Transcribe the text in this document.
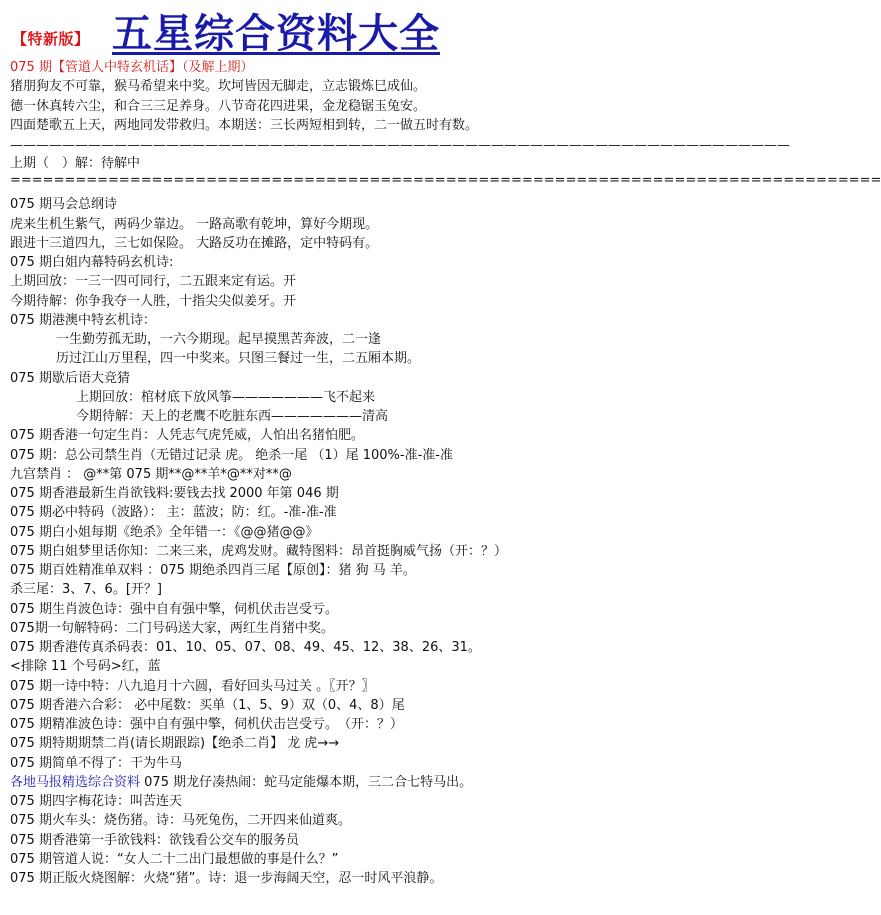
【特新版】 五星综合资料大全
075 期【管道人中特玄机话】（及解上期）
猪朋狗友不可靠，猴马希望来中奖。坎坷皆因无脚走，立志锻炼巳成仙。
德一休真转六尘，和合三三足养身。八节奇花四进果，金龙稳锯玉兔安。
四面楚歌五上天，两地同发带救归。本期送：三长两短相到转，二一做五时有数。
————————————————————————————————————————————————————————————
上期（　）解：待解中
================================================================================
075 期马会总纲诗
虎来生机生紫气，两码少靠边。 一路高歌有乾坤，算好今期现。
跟进十三道四九，三七如保险。 大路反功在摊路，定中特码有。
075 期白姐内幕特码玄机诗:
上期回放：一三一四可同行，二五跟来定有运。开
今期待解：你争我夺一人胜，十指尖尖似姜牙。开
075 期港澳中特玄机诗：
一生勤劳孤无助，一六今期现。起早摸黑苦奔波，二一逢
历过江山万里程，四一中奖来。只图三餐过一生，二五厢本期。
075 期歇后语大竞猜
上期回放：棺材底下放风筝———————飞不起来
今期待解：天上的老鹰不吃脏东西———————清高
075 期香港一句定生肖：人凭志气虎凭威，人怕出名猪怕肥。
075 期：总公司禁生肖（无错过记录 虎。 绝杀一尾 （1）尾 100%-准-准-准
九宫禁肖 ： @**第 075 期**@**羊*@**对**@
075 期香港最新生肖欲钱料:要钱去找 2000 年第 046 期
075 期必中特码（波路）： 主：蓝波；防：红。-准-准-准
075 期白小姐每期《绝杀》全年错一：《@@猪@@》
075 期白姐梦里话你知：二来三来，虎鸡发财。藏特图料：昂首挺胸威气扬（开：？）
075 期百姓精准单双料 ：075 期绝杀四肖三尾【原创】：猪 狗 马 羊。
杀三尾：3、7、6。[开？]
075 期生肖波色诗：强中自有强中擎，伺机伏击岂受亏。
075期一句解特码：二门号码送大家，两红生肖猪中奖。
075 期香港传真杀码表：01、10、05、07、08、49、45、12、38、26、31。
<排除 11 个号码>红，蓝
075 期一诗中特：八九追月十六圆，看好回头马过关 。〖开？〗
075 期香港六合彩： 必中尾数：买单（1、5、9）双（0、4、8）尾
075 期精准波色诗：强中自有强中擎，伺机伏击岂受亏。　（开：？）
075 期特期期禁二肖(请长期跟踪)【绝杀二肖】 龙 虎→→
075 期简单不得了：干为牛马
各地马报精选综合资料 075 期龙仔凑热闹：蛇马定能爆本期，三二合七特马出。
075 期四字梅花诗：叫苦连天
075 期火车头：烧伤猪。诗：马死兔伤，二开四来仙道爽。
075 期香港第一手欲钱料：欲钱看公交车的服务员
075 期管道人说：“女人二十二出门最想做的事是什么？”
075 期正版火烧图解：火烧“猪”。诗：退一步海阔天空，忍一时风平浪静。
